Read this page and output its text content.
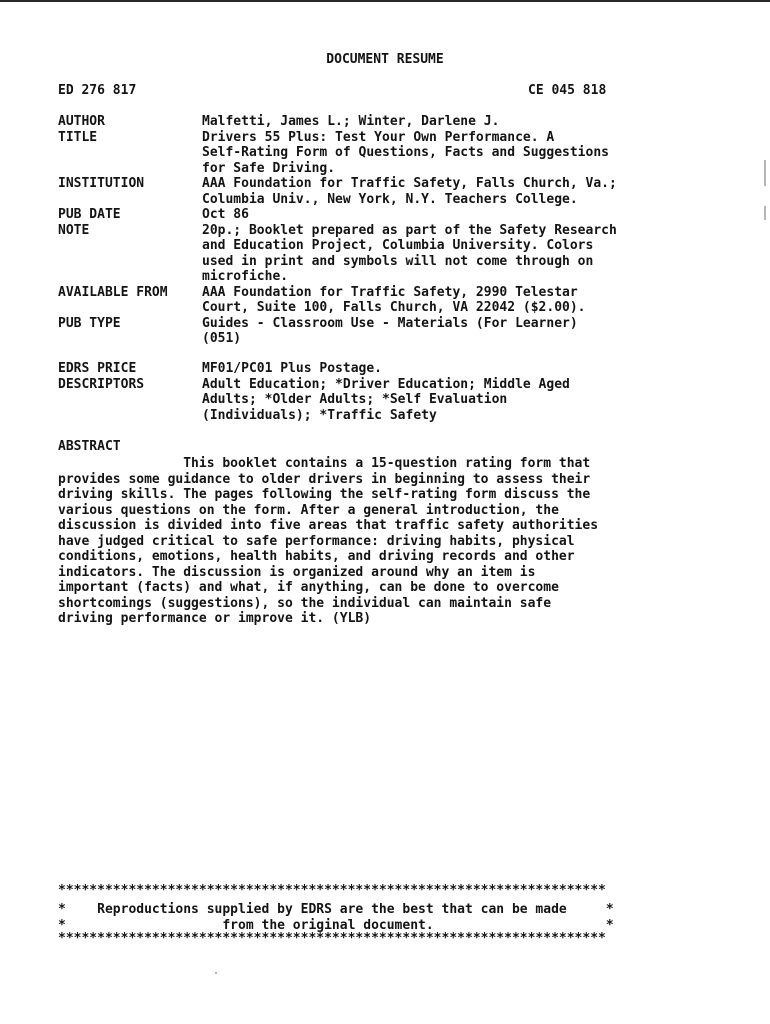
DOCUMENT RESUME
ED 276 817	CE 045 818
AUTHOR	Malfetti, James L.; Winter, Darlene J.
TITLE	Drivers 55 Plus: Test Your Own Performance. A
Self-Rating Form of Questions, Facts and Suggestions
for Safe Driving.
INSTITUTION	AAA Foundation for Traffic Safety, Falls Church, Va.;
Columbia Univ., New York, N.Y. Teachers College.
PUB DATE	Oct 86
NOTE	20p.; Booklet prepared as part of the Safety Research
and Education Project, Columbia University. Colors
used in print and symbols will not come through on
microfiche.
AVAILABLE FROM	AAA Foundation for Traffic Safety, 2990 Telestar
Court, Suite 100, Falls Church, VA 22042 ($2.00).
PUB TYPE	Guides - Classroom Use - Materials (For Learner)
(051)
EDRS PRICE	MF01/PC01 Plus Postage.
DESCRIPTORS	Adult Education; *Driver Education; Middle Aged
Adults; *Older Adults; *Self Evaluation
(Individuals); *Traffic Safety
ABSTRACT
This booklet contains a 15-question rating form that
provides some guidance to older drivers in beginning to assess their
driving skills. The pages following the self-rating form discuss the
various questions on the form. After a general introduction, the
discussion is divided into five areas that traffic safety authorities
have judged critical to safe performance: driving habits, physical
conditions, emotions, health habits, and driving records and other
indicators. The discussion is organized around why an item is
important (facts) and what, if anything, can be done to overcome
shortcomings (suggestions), so the individual can maintain safe
driving performance or improve it. (YLB)
**********************************************************************
*    Reproductions supplied by EDRS are the best that can be made     *
*                    from the original document.                      *
**********************************************************************
